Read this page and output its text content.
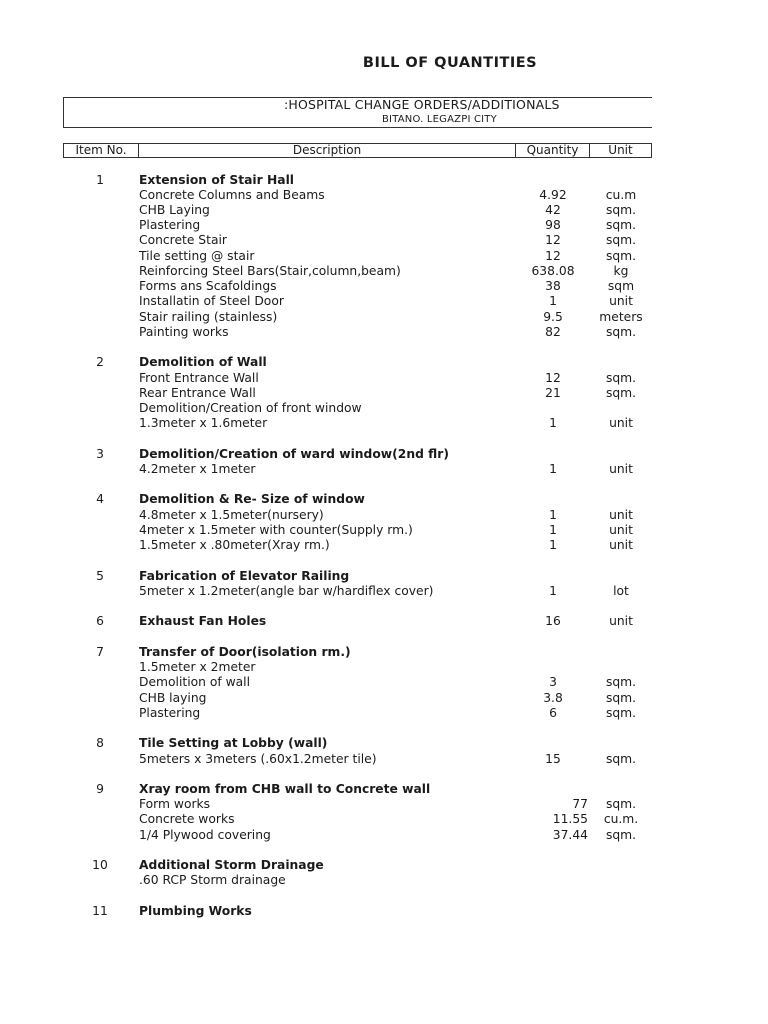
BILL OF QUANTITIES
:HOSPITAL CHANGE ORDERS/ADDITIONALS
BITANO. LEGAZPI CITY
Item No.	Description	Quantity	Unit
1	Extension of Stair Hall
Concrete Columns and Beams	4.92	cu.m
CHB Laying	42	sqm.
Plastering	98	sqm.
Concrete Stair	12	sqm.
Tile setting @ stair	12	sqm.
Reinforcing Steel Bars(Stair,column,beam)	638.08	kg
Forms ans Scafoldings	38	sqm
Installatin of Steel Door	1	unit
Stair railing (stainless)	9.5	meters
Painting works	82	sqm.
2	Demolition of Wall
Front Entrance Wall	12	sqm.
Rear Entrance Wall	21	sqm.
Demolition/Creation of front window
1.3meter x 1.6meter	1	unit
3	Demolition/Creation of ward window(2nd flr)
4.2meter x 1meter	1	unit
4	Demolition & Re- Size of window
4.8meter x 1.5meter(nursery)	1	unit
4meter x 1.5meter with counter(Supply rm.)	1	unit
1.5meter x .80meter(Xray rm.)	1	unit
5	Fabrication of Elevator Railing
5meter x 1.2meter(angle bar w/hardiflex cover)	1	lot
6	Exhaust Fan Holes	16	unit
7	Transfer of Door(isolation rm.)
1.5meter x 2meter
Demolition of wall	3	sqm.
CHB laying	3.8	sqm.
Plastering	6	sqm.
8	Tile Setting at Lobby (wall)
5meters x 3meters (.60x1.2meter tile)	15	sqm.
9	Xray room from CHB wall to Concrete wall
Form works	77	sqm.
Concrete works	11.55	cu.m.
1/4 Plywood covering	37.44	sqm.
10	Additional Storm Drainage
.60 RCP Storm drainage
11	Plumbing Works
